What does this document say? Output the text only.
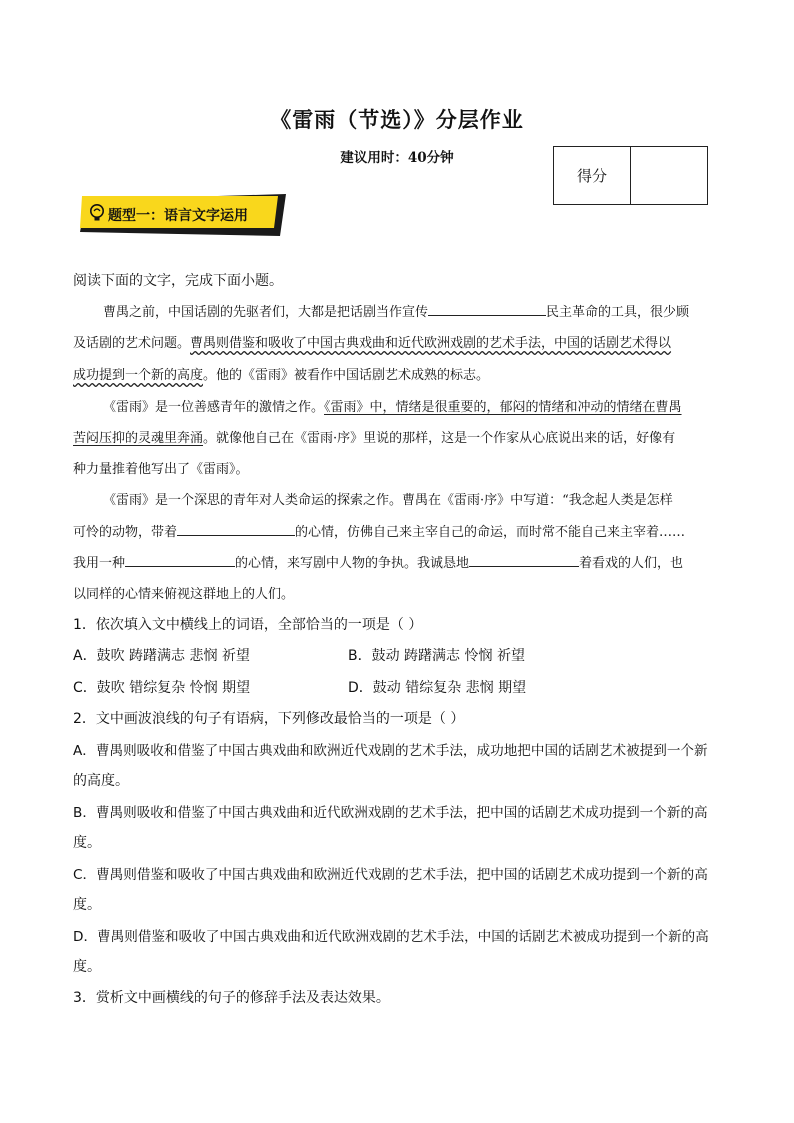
《雷雨（节选）》分层作业
建议用时：40分钟
得分
题型一：语言文字运用
阅读下面的文字，完成下面小题。
曹禺之前，中国话剧的先驱者们，大都是把话剧当作宣传	民主革命的工具，很少顾
及话剧的艺术问题。曹禺则借鉴和吸收了中国古典戏曲和近代欧洲戏剧的艺术手法，中国的话剧艺术得以
成功提到一个新的高度。他的《雷雨》被看作中国话剧艺术成熟的标志。
《雷雨》是一位善感青年的激情之作。《雷雨》中，情绪是很重要的，郁闷的情绪和冲动的情绪在曹禺
苦闷压抑的灵魂里奔涌。就像他自己在《雷雨·序》里说的那样，这是一个作家从心底说出来的话，好像有
种力量推着他写出了《雷雨》。
《雷雨》是一个深思的青年对人类命运的探索之作。曹禺在《雷雨·序》中写道：“我念起人类是怎样
可怜的动物，带着	的心情，仿佛自己来主宰自己的命运，而时常不能自己来主宰着……
我用一种	的心情，来写剧中人物的争执。我诚恳地	着看戏的人们，也
以同样的心情来俯视这群地上的人们。
1．依次填入文中横线上的词语，全部恰当的一项是（ ）
A．鼓吹 踌躇满志 悲悯 祈望	B．鼓动 踌躇满志 怜悯 祈望
C．鼓吹 错综复杂 怜悯 期望	D．鼓动 错综复杂 悲悯 期望
2．文中画波浪线的句子有语病，下列修改最恰当的一项是（ ）
A．曹禺则吸收和借鉴了中国古典戏曲和欧洲近代戏剧的艺术手法，成功地把中国的话剧艺术被提到一个新
的高度。
B．曹禺则吸收和借鉴了中国古典戏曲和近代欧洲戏剧的艺术手法，把中国的话剧艺术成功提到一个新的高
度。
C．曹禺则借鉴和吸收了中国古典戏曲和欧洲近代戏剧的艺术手法，把中国的话剧艺术成功提到一个新的高
度。
D．曹禺则借鉴和吸收了中国古典戏曲和近代欧洲戏剧的艺术手法，中国的话剧艺术被成功提到一个新的高
度。
3．赏析文中画横线的句子的修辞手法及表达效果。
